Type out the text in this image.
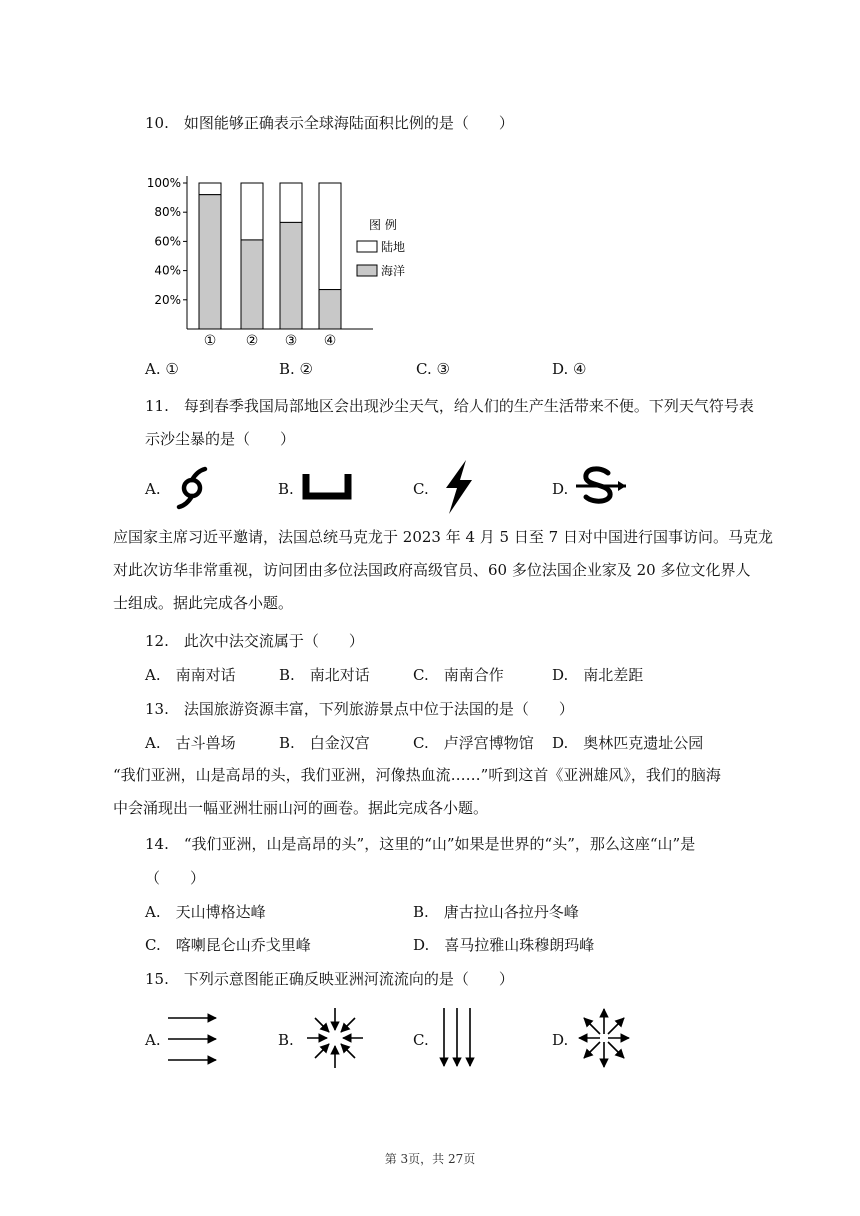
10.　如图能够正确表示全球海陆面积比例的是（　　）
20%
40%
60%
80%
100%
① ② ③ ④
图 例
陆地
海洋
A. ①	B. ②	C. ③	D. ④
11.　每到春季我国局部地区会出现沙尘天气，给人们的生产生活带来不便。下列天气符号表
示沙尘暴的是（　　）
A.	B.	C.	D.
应国家主席习近平邀请，法国总统马克龙于 2023 年 4 月 5 日至 7 日对中国进行国事访问。马克龙
对此次访华非常重视，访问团由多位法国政府高级官员、60 多位法国企业家及 20 多位文化界人
士组成。据此完成各小题。
12.　此次中法交流属于（　　）
A.　南南对话	B.　南北对话	C.　南南合作	D.　南北差距
13.　法国旅游资源丰富，下列旅游景点中位于法国的是（　　）
A.　古斗兽场	B.　白金汉宫	C.　卢浮宫博物馆 D.　奥林匹克遗址公园
“我们亚洲，山是高昂的头，我们亚洲，河像热血流……”听到这首《亚洲雄风》，我们的脑海
中会涌现出一幅亚洲壮丽山河的画卷。据此完成各小题。
14.　“我们亚洲，山是高昂的头”，这里的“山”如果是世界的“头”，那么这座“山”是
（　　）
A.　天山博格达峰	B.　唐古拉山各拉丹冬峰
C.　喀喇昆仑山乔戈里峰	D.　喜马拉雅山珠穆朗玛峰
15.　下列示意图能正确反映亚洲河流流向的是（　　）
A.	B.	C.	D.
第 3页，共 27页
